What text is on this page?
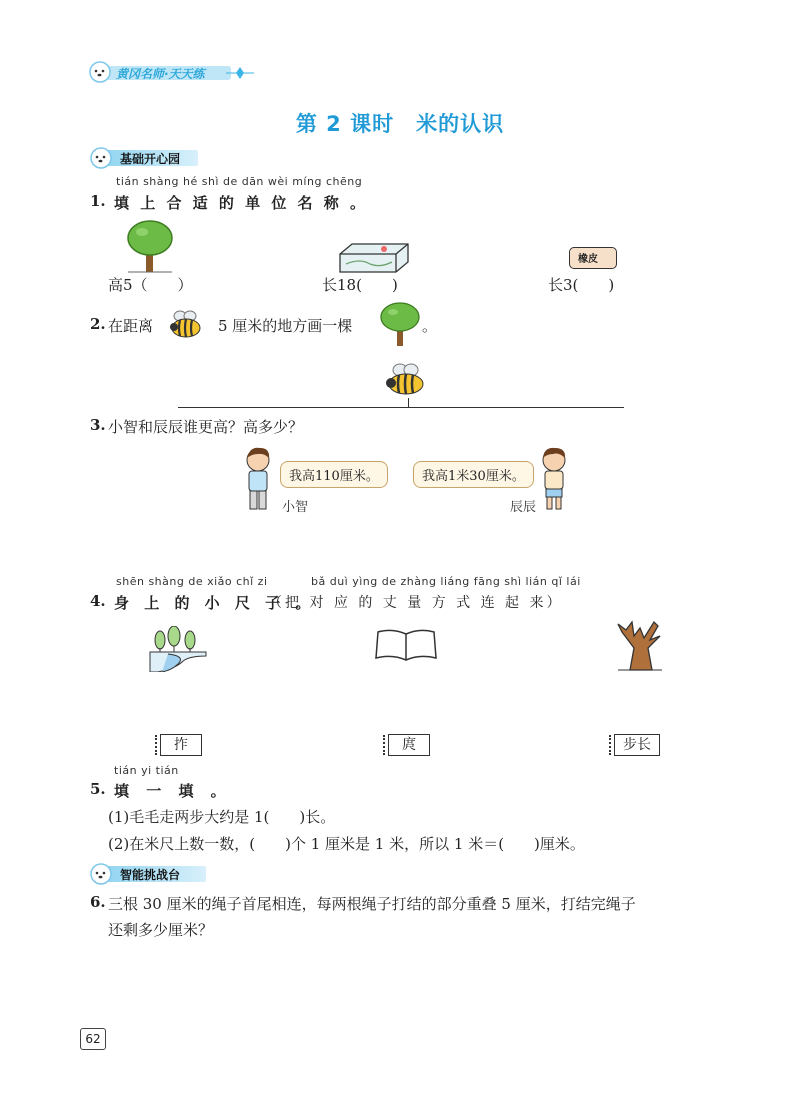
黄冈名师·天天练
第 2 课时　米的认识
基础开心园
tián shàng hé shì de dān wèi míng chēng
1. 填 上 合 适 的 单 位 名 称 。
高5（　　）	长18(　　)
橡皮
长3(　　)
2. 在距离	5 厘米的地方画一棵	。
3. 小智和辰辰谁更高？高多少？
我高110厘米。
小智
我高1米30厘米。
辰辰
shēn shàng de xiǎo chǐ zi	bǎ duì yìng de zhàng liáng fāng shì lián qǐ lái
4. 身 上 的 小 尺 子 。
（把 对 应 的 丈 量 方 式 连 起 来）
拃	庹	步长
tián yi tián
5. 填 一 填 。
(1)毛毛走两步大约是 1(　　)长。
(2)在米尺上数一数，(　　)个 1 厘米是 1 米，所以 1 米＝(　　)厘米。
智能挑战台
6. 三根 30 厘米的绳子首尾相连，每两根绳子打结的部分重叠 5 厘米，打结完绳子
还剩多少厘米？
62
